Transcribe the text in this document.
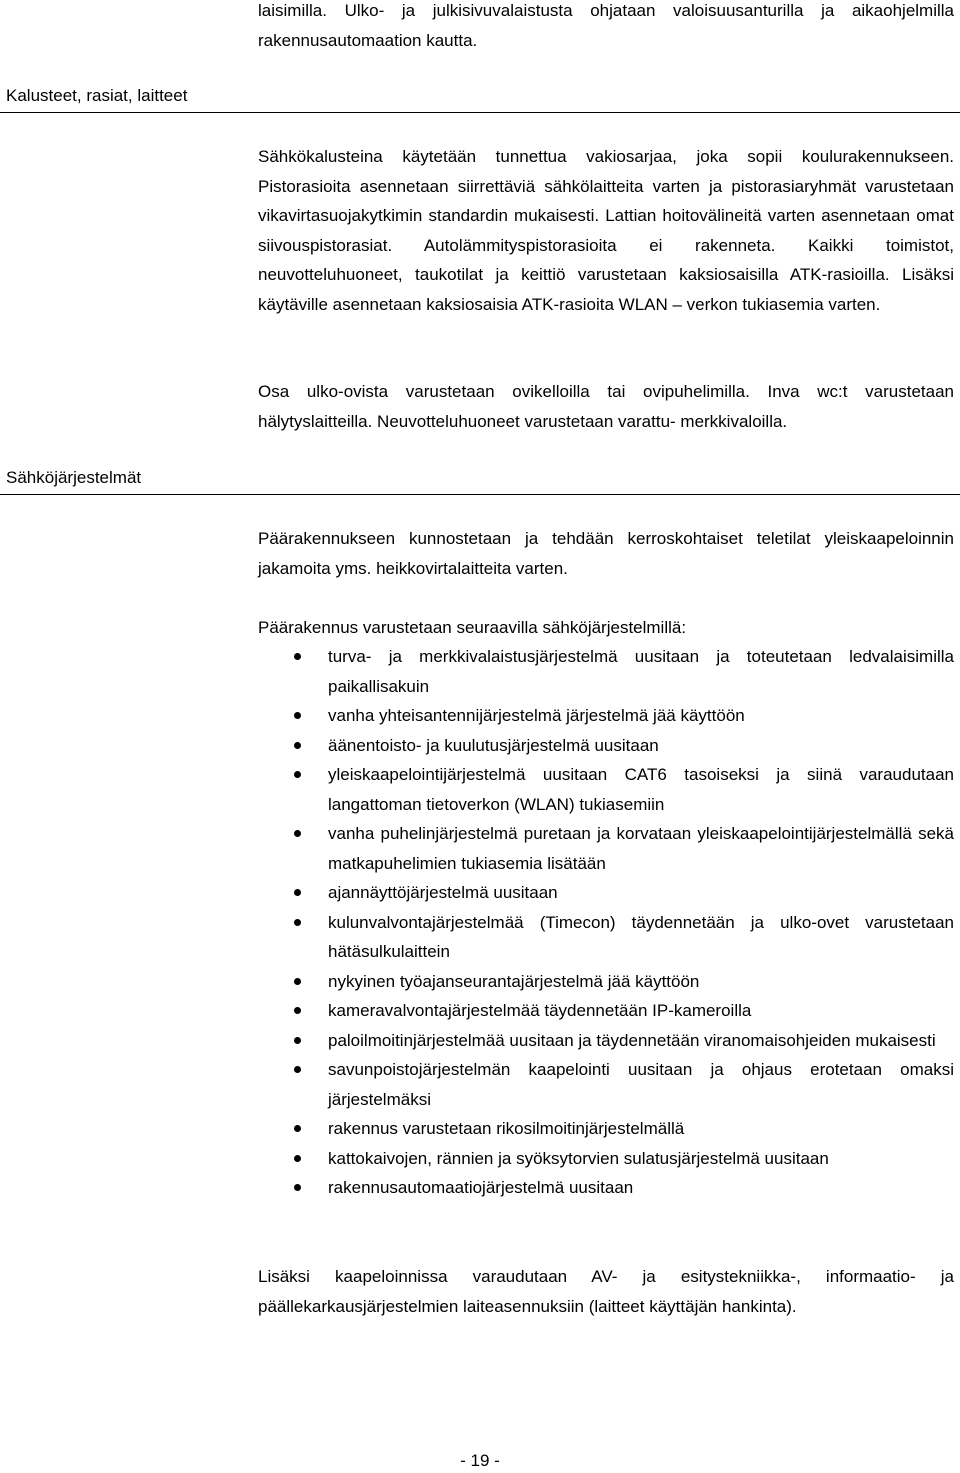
laisimilla. Ulko- ja julkisivuvalaistusta ohjataan valoisuusanturilla ja aikaohjelmilla rakennusautomaation kautta.

Kalusteet, rasiat, laitteet

Sähkökalusteina käytetään tunnettua vakiosarjaa, joka sopii koulurakennukseen. Pistorasioita asennetaan siirrettäviä sähkölaitteita varten ja pistorasiaryhmät varustetaan vikavirtasuojakytkimin standardin mukaisesti. Lattian hoitovälineitä varten asennetaan omat siivouspistorasiat. Autolämmityspistorasioita ei rakenneta. Kaikki toimistot, neuvotteluhuoneet, taukotilat ja keittiö varustetaan kaksiosaisilla ATK-rasioilla. Lisäksi käytäville asennetaan kaksiosaisia ATK-rasioita WLAN – verkon tukiasemia varten.

Osa ulko-ovista varustetaan ovikelloilla tai ovipuhelimilla. Inva wc:t varustetaan hälytyslaitteilla. Neuvotteluhuoneet varustetaan varattu- merkkivaloilla.

Sähköjärjestelmät

Päärakennukseen kunnostetaan ja tehdään kerroskohtaiset teletilat yleiskaapeloinnin jakamoita yms. heikkovirtalaitteita varten.

Päärakennus varustetaan seuraavilla sähköjärjestelmillä:

turva- ja merkkivalaistusjärjestelmä uusitaan ja toteutetaan ledvalaisimilla paikallisakuin
vanha yhteisantennijärjestelmä järjestelmä jää käyttöön
äänentoisto- ja kuulutusjärjestelmä uusitaan
yleiskaapelointijärjestelmä uusitaan CAT6 tasoiseksi ja siinä varaudutaan langattoman tietoverkon (WLAN) tukiasemiin
vanha puhelinjärjestelmä puretaan ja korvataan yleiskaapelointijärjestelmällä sekä matkapuhelimien tukiasemia lisätään
ajannäyttöjärjestelmä uusitaan
kulunvalvontajärjestelmää (Timecon) täydennetään ja ulko-ovet varustetaan hätäsulkulaittein
nykyinen työajanseurantajärjestelmä jää käyttöön
kameravalvontajärjestelmää täydennetään IP-kameroilla
paloilmoitinjärjestelmää uusitaan ja täydennetään viranomaisohjeiden mukaisesti
savunpoistojärjestelmän kaapelointi uusitaan ja ohjaus erotetaan omaksi järjestelmäksi
rakennus varustetaan rikosilmoitinjärjestelmällä
kattokaivojen, rännien ja syöksytorvien sulatusjärjestelmä uusitaan
rakennusautomaatiojärjestelmä uusitaan

Lisäksi kaapeloinnissa varaudutaan AV- ja esitystekniikka-, informaatio- ja päällekarkausjärjestelmien laiteasennuksiin (laitteet käyttäjän hankinta).

- 19 -
